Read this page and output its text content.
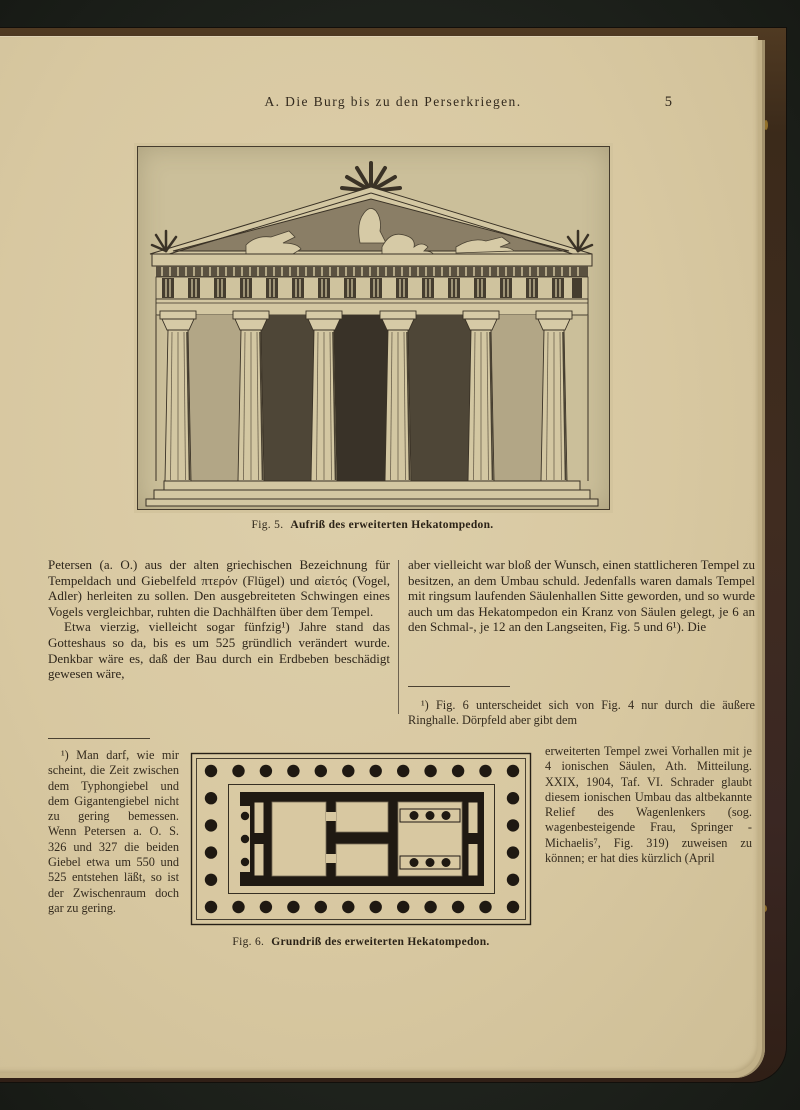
A. Die Burg bis zu den Perserkriegen.	5
Fig. 5. Aufriß des erweiterten Hekatompedon.

Petersen (a. O.) aus der alten griechischen Bezeichnung für Tempeldach und Giebelfeld πτερόν (Flügel) und αἰετός (Vogel, Adler) herleiten zu sollen. Den ausgebreiteten Schwingen eines Vogels vergleichbar, ruhten die Dachhälften über dem Tempel.

Etwa vierzig, vielleicht sogar fünfzig¹) Jahre stand das Gotteshaus so da, bis es um 525 gründlich verändert wurde. Denkbar wäre es, daß der Bau durch ein Erdbeben beschädigt gewesen wäre,

aber vielleicht war bloß der Wunsch, einen stattlicheren Tempel zu besitzen, an dem Umbau schuld. Jedenfalls waren damals Tempel mit ringsum laufenden Säulenhallen Sitte geworden, und so wurde auch um das Hekatompedon ein Kranz von Säulen gelegt, je 6 an den Schmal-, je 12 an den Langseiten, Fig. 5 und 6¹). Die

¹) Man darf, wie mir scheint, die Zeit zwischen dem Typhongiebel und dem Gigantengiebel nicht zu gering bemessen. Wenn Petersen a. O. S. 326 und 327 die beiden Giebel etwa um 550 und 525 entstehen läßt, so ist der Zwischenraum doch gar zu gering.

¹) Fig. 6 unterscheidet sich von Fig. 4 nur durch die äußere Ringhalle. Dörpfeld aber gibt dem

erweiterten Tempel zwei Vorhallen mit je 4 ionischen Säulen, Ath. Mitteilung. XXIX, 1904, Taf. VI. Schrader glaubt diesem ionischen Umbau das altbekannte Relief des Wagenlenkers (sog. wagenbesteigende Frau, Springer - Michaelis⁷, Fig. 319) zuweisen zu können; er hat dies kürzlich (April

Fig. 6. Grundriß des erweiterten Hekatompedon.
